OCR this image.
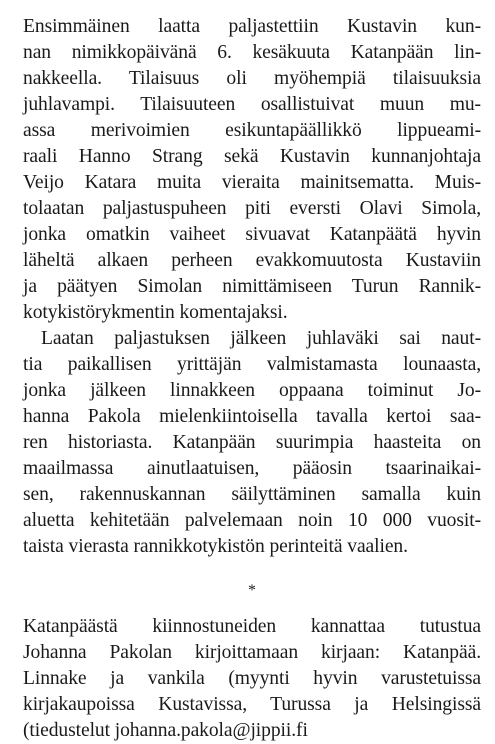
Ensimmäinen laatta paljastettiin Kustavin kun-
nan nimikkopäivänä 6. kesäkuuta Katanpään lin-
nakkeella. Tilaisuus oli myöhempiä tilaisuuksia
juhlavampi. Tilaisuuteen osallistuivat muun mu-
assa merivoimien esikuntapäällikkö lippueami-
raali Hanno Strang sekä Kustavin kunnanjohtaja
Veijo Katara muita vieraita mainitsematta. Muis-
tolaatan paljastuspuheen piti eversti Olavi Simola,
jonka omatkin vaiheet sivuavat Katanpäätä hyvin
läheltä alkaen perheen evakkomuutosta Kustaviin
ja päätyen Simolan nimittämiseen Turun Rannik-
kotykistörykmentin komentajaksi.
Laatan paljastuksen jälkeen juhlaväki sai naut-
tia paikallisen yrittäjän valmistamasta lounaasta,
jonka jälkeen linnakkeen oppaana toiminut Jo-
hanna Pakola mielenkiintoisella tavalla kertoi saa-
ren historiasta. Katanpään suurimpia haasteita on
maailmassa ainutlaatuisen, pääosin tsaarinaikai-
sen, rakennuskannan säilyttäminen samalla kuin
aluetta kehitetään palvelemaan noin 10 000 vuosit-
taista vierasta rannikkotykistön perinteitä vaalien.
*
Katanpäästä kiinnostuneiden kannattaa tutustua
Johanna Pakolan kirjoittamaan kirjaan: Katanpää.
Linnake ja vankila (myynti hyvin varustetuissa
kirjakaupoissa Kustavissa, Turussa ja Helsingissä
(tiedustelut johanna.pakola@jippii.fi
